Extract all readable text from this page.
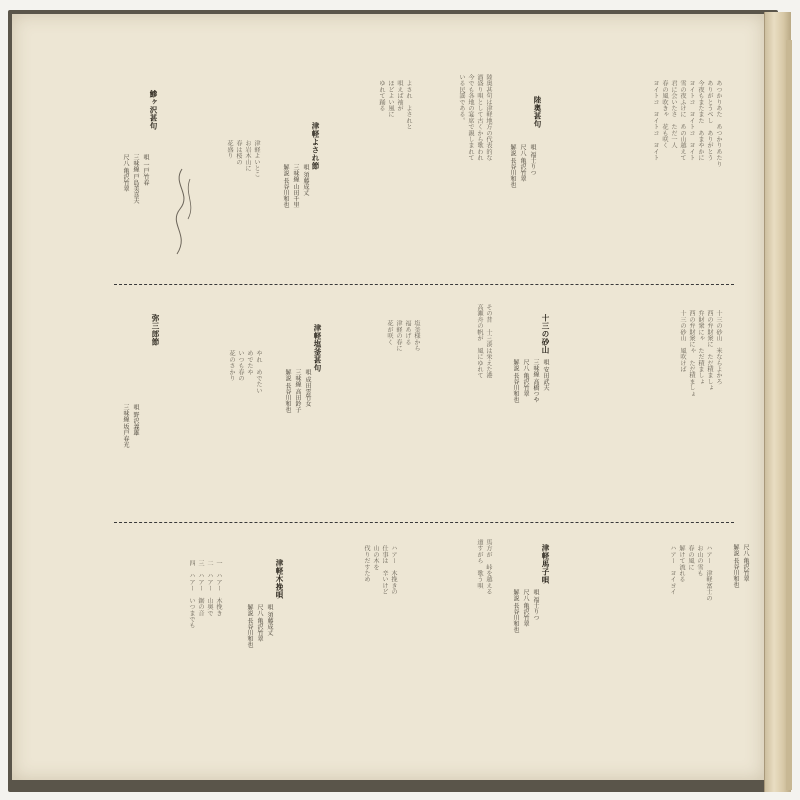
陸奥甚句
唄 福士りつ
尺八 亀沢竹翠
解説 長谷川和也

　あつかりあた　あつかりあたり
　ありがとうべし　ありがとう
　今夜もまたまた　あまやかに
　ヨイトコ　ヨイトコ　ヨイト
　雪の夜ふけに　あの山越えて
　君に会いたさ　ただ一人
　春の風吹きゃ　花も咲く
　ヨイトコ　ヨイトコ　ヨイト

陸奥甚句は津軽地方の代表的な
酒盛り唄として古くから歌われ
今でも各地の宴席で親しまれて
いる民謡である。

津軽よされ節
唄 須藤成丈
三味線 山田千里
解説 長谷川和也

　よされ　よされと
　唄えば袖が
　ほどよい風に
　ゆれて踊る

　津軽よいとこ
　お岩木山に
　春は桜の
　花盛り

鯵ヶ沢甚句
唄 一戸竹春
三味線 戸島美喜夫
尺八 亀沢竹翠
十三の砂山
唄 安田武夫
三味線 高橋つや
尺八 亀沢竹翠
解説 長谷川和也

　十三の砂山　米ならよかろ
　西の弁財衆に　ただ積ましょ
　弁財衆にゃ　ただ積ましょ
　西の弁財衆にゃ　ただ積ましょ
　十三の砂山　風吹けば

その昔　十三湊は栄えた港
高瀬舟の帆が　風にゆれて

津軽塩釜甚句
唄 成田雲竹女
三味線 高田鈴子
解説 長谷川和也

　塩釜様から
　福あげる
　津軽の春に
　花が咲く

　やれ　めでたい
　めでたや
　いつも春の
　花のさかり

弥三郎節
唄 野沢義雄
三味線 坂戸春光
尺八 亀沢竹翠
解説 長谷川和也

　ハアー　津軽富士の
　お山の雪も
　春の風に
　解けて流れる
　ハアー　ヨイヨイ

津軽馬子唄
唄 福士りつ
尺八 亀沢竹翠
解説 長谷川和也

馬方が　峠を越える
道すがら　歌う唄

津軽木挽唄
唄 須藤成丈
尺八 亀沢竹翠
解説 長谷川和也

　ハアー　木挽きの
　仕事は　辛いけど
　山の木を
　伐りだすため

　一　ハアー　木挽き
　二　ハアー　山奥で
　三　ハアー　鋸の音
　四　ハアー　いつまでも
